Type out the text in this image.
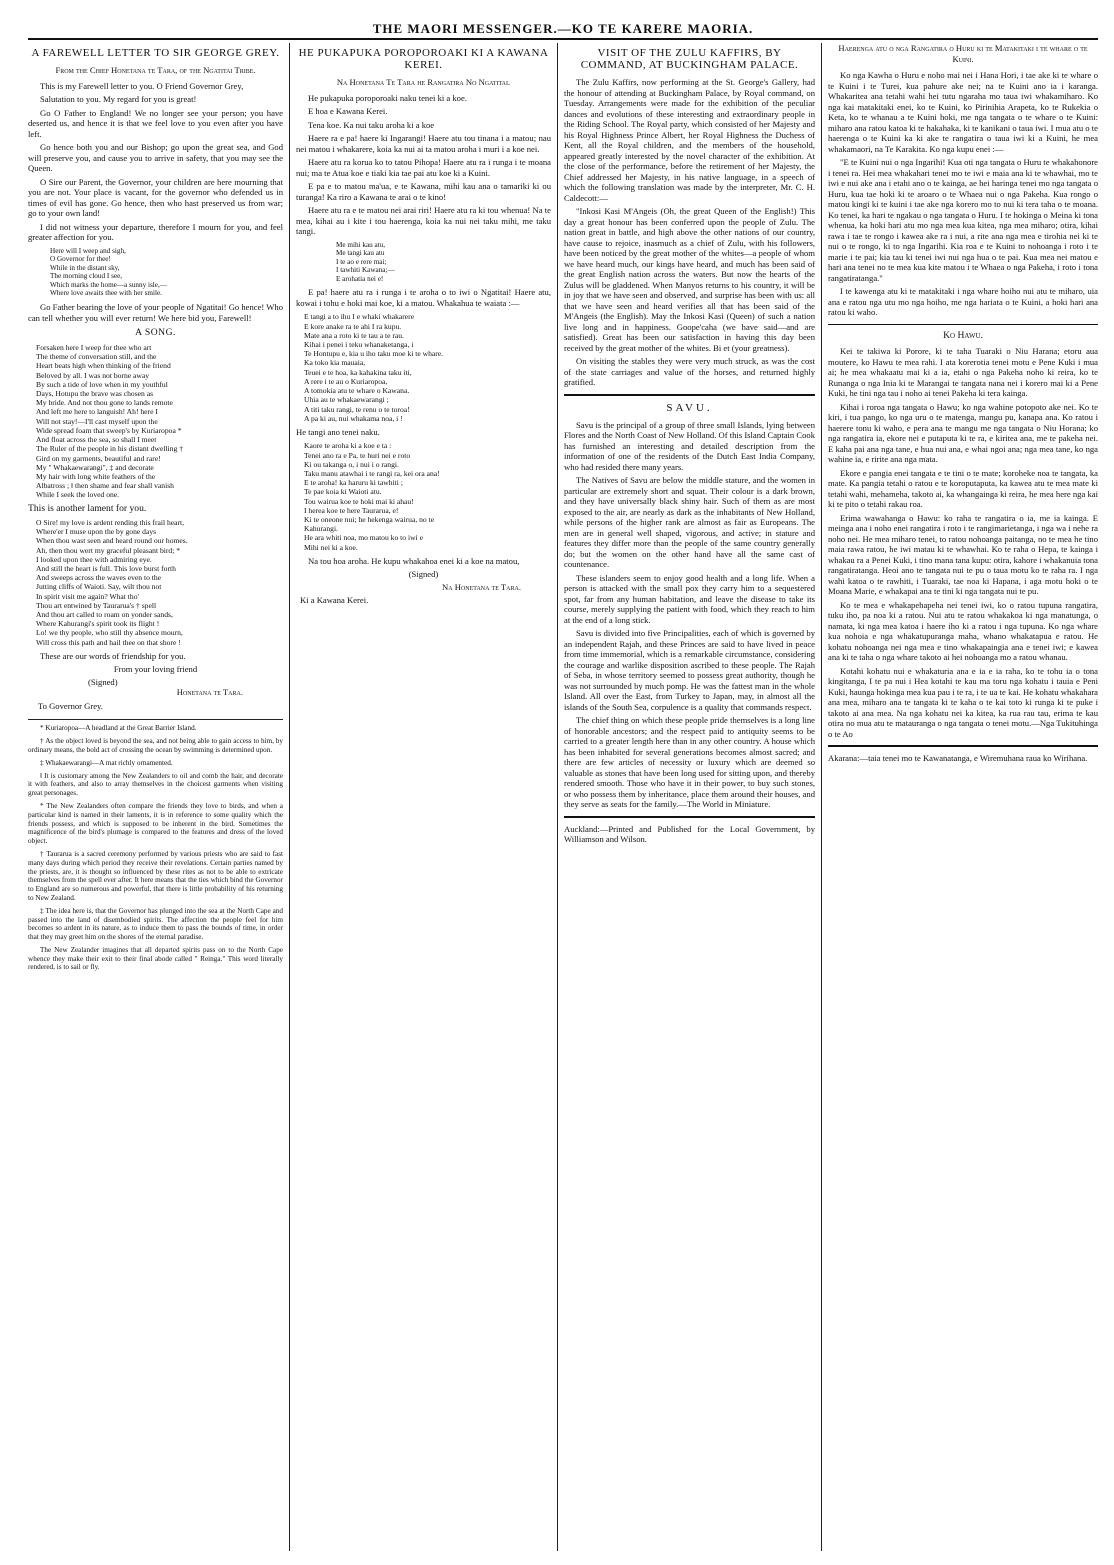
THE MAORI MESSENGER.—KO TE KARERE MAORIA.
A FAREWELL LETTER TO SIR GEORGE GREY.
From the Chief Honetana te Tara, of the Ngatitai Tribe.

This is my Farewell letter to you. O Friend Governor Grey,

Salutation to you. My regard for you is great!

Go O Father to England! We no longer see your person; you have deserted us, and hence it is that we feel love to you even after you have left.

Go hence both you and our Bishop; go upon the great sea, and God will preserve you, and cause you to arrive in safety, that you may see the Queen.

O Sire our Parent, the Governor, your children are here mourning that you are not. Your place is vacant, for the governor who defended us in times of evil has gone. Go hence, then who hast preserved us from war; go to your own land!

I did not witness your departure, therefore I mourn for you, and feel greater affection for you.

Here will I weep and sigh,
O Governor for thee!
While in the distant sky,
The morning cloud I see,
Which marks the home—a sunny isle,—
Where love awaits thee with her smile.

Go Father bearing the love of your people of Ngatitai! Go hence! Who can tell whether you will ever return! We here bid you, Farewell!

A SONG.
Forsaken here I weep for thee who art
The theme of conversation still, and the
Heart beats high when thinking of the friend
Beloved by all. I was not borne away
By such a tide of love when in my youthful
Days, Hotupu the brave was chosen as
My bride. And not thou gone to lands remote
And left me here to languish! Ah! here I
Will not stay!—I'll cast myself upon the
Wide spread foam that sweep's by Kuriaropoa *
And float across the sea, so shall I meet
The Ruler of the people in his distant dwelling †
Gird on my garments, beautiful and rare!
My " Whakaewarangi", ‡ and decorate
My hair with long white feathers of the
Albatross ; ‖ then shame and fear shall vanish
While I seek the loved one.

This is another lament for you.

O Sire! my love is ardent rending this frail heart,
Where'er I muse upon the by gone days
When thou wast seen and heard round our homes.
Ah, then thou wert my graceful pleasant bird; *
I looked upon thee with admiring eye.
And still the heart is full. This love burst forth
And sweeps across the waves even to the
Jutting cliffs of Waioti. Say, wilt thou not
In spirit visit me again? What tho'
Thou art entwined by Taurarua's † spell
And thou art called to roam on yonder sands,
Where Kahurangi's spirit took its flight !
Lo! we thy people, who still thy absence mourn,
Will cross this path and hail thee on that shore !

These are our words of friendship for you.

From your loving friend
(Signed)
Honetana te Tara.
To Governor Grey.

* Kuriaropoa—A headland at the Great Barrier Island.

† As the object loved is beyond the sea, and not being able to gain access to him, by ordinary means, the bold act of crossing the ocean by swimming is determined upon.

‡ Whakaewarangi—A mat richly ornamented.

‖ It is customary among the New Zealanders to oil and comb the hair, and decorate it with feathers, and also to array themselves in the choicest garments when visiting great personages.

* The New Zealanders often compare the friends they love to birds, and when a particular kind is named in their laments, it is in reference to some quality which the friends possess, and which is supposed to be inherent in the bird. Sometimes the magnificence of the bird's plumage is compared to the features and dress of the loved object.

† Taurarua is a sacred ceremony performed by various priests who are said to fast many days during which period they receive their revelations. Certain parties named by the priests, are, it is thought so influenced by these rites as not to be able to extricate themselves from the spell ever after. It here means that the ties which bind the Governor to England are so numerous and powerful, that there is little probability of his returning to New Zealand.

‡ The idea here is, that the Governor has plunged into the sea at the North Cape and passed into the land of disembodied spirits. The affection the people feel for him becomes so ardent in its nature, as to induce them to pass the bounds of time, in order that they may greet him on the shores of the eternal paradise.

The New Zealander imagines that all departed spirits pass on to the North Cape whence they make their exit to their final abode called " Reinga." This word literally rendered, is to sail or fly.

HE PUKAPUKA POROPOROAKI KI A KAWANA KEREI.
Na Honetana Te Tara he Rangatira No Ngatitai.

He pukapuka poroporoaki naku tenei ki a koe.

E hoa e Kawana Kerei.

Tena koe. Ka nui taku aroha ki a koe

Haere ra e pa! haere ki Ingarangi! Haere atu tou tinana i a matou; nau nei matou i whakarere, koia ka nui ai ta matou aroha i muri i a koe nei.

Haere atu ra korua ko to tatou Pihopa! Haere atu ra i runga i te moana nui; ma te Atua koe e tiaki kia tae pai atu koe ki a Kuini.

E pa e to matou ma'ua, e te Kawana, mihi kau ana o tamariki ki ou turanga! Ka riro a Kawana te arai o te kino!

Haere atu ra e te matou nei arai riri! Haere atu ra ki tou whenua! Na te mea, kihai au i kite i tou haerenga, koia ka nui nei taku mihi, me taku tangi.

Me mihi kau atu,
Me tangi kau atu
I te ao e rere mai;
I tawhiti Kawana;—
E arohatia nei e!

E pa! haere atu ra i runga i te aroha o to iwi o Ngatitai! Haere atu, kowai i tohu e hoki mai koe, ki a matou. Whakahua te waiata :—

E tangi a to ihu I e whaki whakarere
E kore anake ra te ahi I ra kupu.
Mate ana a roto ki te tau a te rau.
Kihai i penei i teku whanaketanga, i
Te Hontupu e, kia u iho taku moe ki te whare.
Ka toko kia mauaia,
Teuei e te hoa, ka kahakina taku iti,
A rere i te au o Kuriaropoa,
A tomokia atu te whare o Kawana.
Uhia au te whakaewarangi ;
A titi taku rangi, te renu o te toroa!
A pa ki au, nui whakama noa, i !

He tangi ano tenei naku.

Kaore te aroha ki a koe e ta :
Tenei ano ra e Pa, te huri nei e roto
Ki ou takanga o, i nui i o rangi.
Taku manu atawhai i te rangi ra, kei ora ana!
E te aroha! ka haruru ki tawhiti ;
Te pae koia ki Waioti atu.
Tou wairua koe te hoki mai ki ahau!
I herea koe te here Taurarua, e!
Ki te oneone nui; he hekenga wairua, no te
Kahurangi.
He ara whiti noa, mo matou ko to iwi e
Mihi nei ki a koe.

Na tou hoa aroha. He kupu whakahoa enei ki a koe na matou,

(Signed)
Na Honetana te Tara.
Ki a Kawana Kerei.
VISIT OF THE ZULU KAFFIRS, BY COMMAND, AT BUCKINGHAM PALACE.

The Zulu Kaffirs, now performing at the St. George's Gallery, had the honour of attending at Buckingham Palace, by Royal command, on Tuesday. Arrangements were made for the exhibition of the peculiar dances and evolutions of these interesting and extraordinary people in the Riding School. The Royal party, which consisted of her Majesty and his Royal Highness Prince Albert, her Royal Highness the Duchess of Kent, all the Royal children, and the members of the household, appeared greatly interested by the novel character of the exhibition. At the close of the performance, before the retirement of her Majesty, the Chief addressed her Majesty, in his native language, in a speech of which the following translation was made by the interpreter, Mr. C. H. Caldecott:—

"Inkosi Kasi M'Angeis (Oh, the great Queen of the English!) This day a great honour has been conferred upon the people of Zulu. The nation great in battle, and high above the other nations of our country, have cause to rejoice, inasmuch as a chief of Zulu, with his followers, have been noticed by the great mother of the whites—a people of whom we have heard much, our kings have heard, and much has been said of the great English nation across the waters. But now the hearts of the Zulus will be gladdened. When Manyos returns to his country, it will be in joy that we have seen and observed, and surprise has been with us: all that we have seen and heard verifies all that has been said of the M'Angeis (the English). May the Inkosi Kasi (Queen) of such a nation live long and in happiness. Goope'caha (we have said—and are satisfied). Great has been our satisfaction in having this day been received by the great mother of the whites. Bi et (your greatness).

On visiting the stables they were very much struck, as was the cost of the state carriages and value of the horses, and returned highly gratified.

SAVU.

Savu is the principal of a group of three small Islands, lying between Flores and the North Coast of New Holland. Of this Island Captain Cook has furnished an interesting and detailed description from the information of one of the residents of the Dutch East India Company, who had resided there many years.

The Natives of Savu are below the middle stature, and the women in particular are extremely short and squat. Their colour is a dark brown, and they have universally black shiny hair. Such of them as are most exposed to the air, are nearly as dark as the inhabitants of New Holland, while persons of the higher rank are almost as fair as Europeans. The men are in general well shaped, vigorous, and active; in stature and features they differ more than the people of the same country generally do; but the women on the other hand have all the same cast of countenance.

These islanders seem to enjoy good health and a long life. When a person is attacked with the small pox they carry him to a sequestered spot, far from any human habitation, and leave the disease to take its course, merely supplying the patient with food, which they reach to him at the end of a long stick.

Savu is divided into five Principalities, each of which is governed by an independent Rajah, and these Princes are said to have lived in peace from time immemorial, which is a remarkable circumstance, considering the courage and warlike disposition ascribed to these people. The Rajah of Seba, in whose territory seemed to possess great authority, though he was not surrounded by much pomp. He was the fattest man in the whole Island. All over the East, from Turkey to Japan, may, in almost all the islands of the South Sea, corpulence is a quality that commands respect.

The chief thing on which these people pride themselves is a long line of honorable ancestors; and the respect paid to antiquity seems to be carried to a greater length here than in any other country. A house which has been inhabited for several generations becomes almost sacred; and there are few articles of necessity or luxury which are deemed so valuable as stones that have been long used for sitting upon, and thereby rendered smooth. Those who have it in their power, to buy such stones, or who possess them by inheritance, place them around their houses, and they serve as seats for the family.—The World in Miniature.

Auckland:—Printed and Published for the Local Government, by Williamson and Wilson.
Haerenga atu o nga Rangatira o Huru ki te Matakitaki i te whare o te Kuini.

Ko nga Kawha o Huru e noho mai nei i Hana Hori, i tae ake ki te whare o te Kuini i te Turei, kua pahure ake nei; na te Kuini ano ia i karanga. Whakaritea ana tetahi wahi hei tutu ngaraha mo taua iwi whakamiharo. Ko nga kai matakitaki enei, ko te Kuini, ko Pirinihia Arapeta, ko te Rukekia o Keta, ko te whanau a te Kuini hoki, me nga tangata o te whare o te Kuini: miharo ana ratou katoa ki te hakahaka, ki te kanikani o taua iwi. I mua atu o te haerenga o te Kuini ka ki ake te rangatira o taua iwi ki a Kuini, he mea whakamaori, na Te Karakita. Ko nga kupu enei :—

"E te Kuini nui o nga Ingarihi! Kua oti nga tangata o Huru te whakahonore i tenei ra. Hei mea whakahari tenei mo te iwi e maia ana ki te whawhai, mo te iwi e nui ake ana i etahi ano o te kainga, ae hei haringa tenei mo nga tangata o Huru, kua tae hoki ki te aroaro o te Whaea nui o nga Pakeha. Kua rongo o matou kingi ki te kuini i tae ake nga korero mo to nui ki tera taha o te moana. Ko tenei, ka hari te ngakau o nga tangata o Huru. I te hokinga o Meina ki tona whenua, ka hoki hari atu mo nga mea kua kitea, nga mea miharo; otira, kihai rawa i tae te rongo i kawea ake ra i nui, a rite ana nga mea e tirohia nei ki te nui o te rongo, ki to nga Ingarihi. Kia roa e te Kuini to nohoanga i roto i te marie i te pai; kia tau ki tenei iwi nui nga hua o te pai. Kua mea nei matou e hari ana tenei no te mea kua kite matou i te Whaea o nga Pakeha, i roto i tona rangatiratanga."

I te kawenga atu ki te matakitaki i nga whare hoiho nui atu te miharo, uia ana e ratou nga utu mo nga hoiho, me nga hariata o te Kuini, a hoki hari ana ratou ki waho.

Ko Hawu.

Kei te takiwa ki Porore, ki te taha Tuaraki o Niu Harana; etoru aua moutere, ko Hawu te mea rahi. I ata korerotia tenei motu e Pene Kuki i mua ai; he mea whakaatu mai ki a ia, etahi o nga Pakeha noho ki reira, ko te Runanga o nga Inia ki te Marangai te tangata nana nei i korero mai ki a Pene Kuki, he tini nga tau i noho ai tenei Pakeha ki tera kainga.

Kihai i roroa nga tangata o Hawu; ko nga wahine potopoto ake nei. Ko te kiri, i tua pango, ko nga uru o te matenga, mangu pu, kanapa ana. Ko ratou i haerere tonu ki waho, e pera ana te mangu me nga tangata o Niu Horana; ko nga rangatira ia, ekore nei e putaputa ki te ra, e kiritea ana, me te pakeha nei. E kaha pai ana nga tane, e hua nui ana, e whai ngoi ana; nga mea tane, ko nga wahine ia, e ririte ana nga mata.

Ekore e pangia enei tangata e te tini o te mate; koroheke noa te tangata, ka mate. Ka pangia tetahi o ratou e te koroputaputa, ka kawea atu te mea mate ki tetahi wahi, mehameha, takoto ai, ka whangainga ki reira, he mea here nga kai ki te pito o tetahi rakau roa.

Erima wawahanga o Hawu: ko raha te rangatira o ia, me ia kainga. E meinga ana i noho enei rangatira i roto i te rangimarietanga, i nga wa i nehe ra noho nei. He mea miharo tenei, to ratou nohoanga paitanga, no te mea he tino maia rawa ratou, he iwi matau ki te whawhai. Ko te raha o Hepa, te kainga i whakau ra a Penei Kuki, i tino mana tana kupu: otira, kahore i whakanuia tona rangatiratanga. Heoi ano te tangata nui te pu o taua motu ko te raha ra. I nga wahi katoa o te rawhiti, i Tuaraki, tae noa ki Hapana, i aga motu hoki o te Moana Marie, e whakapai ana te tini ki nga tangata nui te pu.

Ko te mea e whakapehapeha nei tenei iwi, ko o ratou tupuna rangatira, tuku iho, pa noa ki a ratou. Nui atu te ratou whakakoa ki nga manatunga, o namata, ki nga mea katoa i haere iho ki a ratou i nga tupuna. Ko nga whare kua nohoia e nga whakatupuranga maha, whano whakatapua e ratou. He kohatu nohoanga nei nga mea e tino whakapaingia ana e tenei iwi; e kawea ana ki te taha o nga whare takoto ai hei nohoanga mo a ratou whanau.

Kotahi kohatu nui e whakaturia ana e ia e ia raha, ko te tohu ia o tona kingitanga, I te pa nui i Hea kotahi te kau ma toru nga kohatu i tauia e Peni Kuki, haunga hokinga mea kua pau i te ra, i te ua te kai. He kohatu whakahara ana mea, miharo ana te tangata ki te kaha o te kai toto ki runga ki te puke i takoto ai ana mea. Na nga kohatu nei ka kitea, ka rua rau tau, erima te kau otira no mua atu te matauranga o nga tangata o tenei motu.—Nga Tukituhinga o te Ao

Akarana:—taia tenei mo te Kawanatanga, e Wiremuhana raua ko Wirihana.
